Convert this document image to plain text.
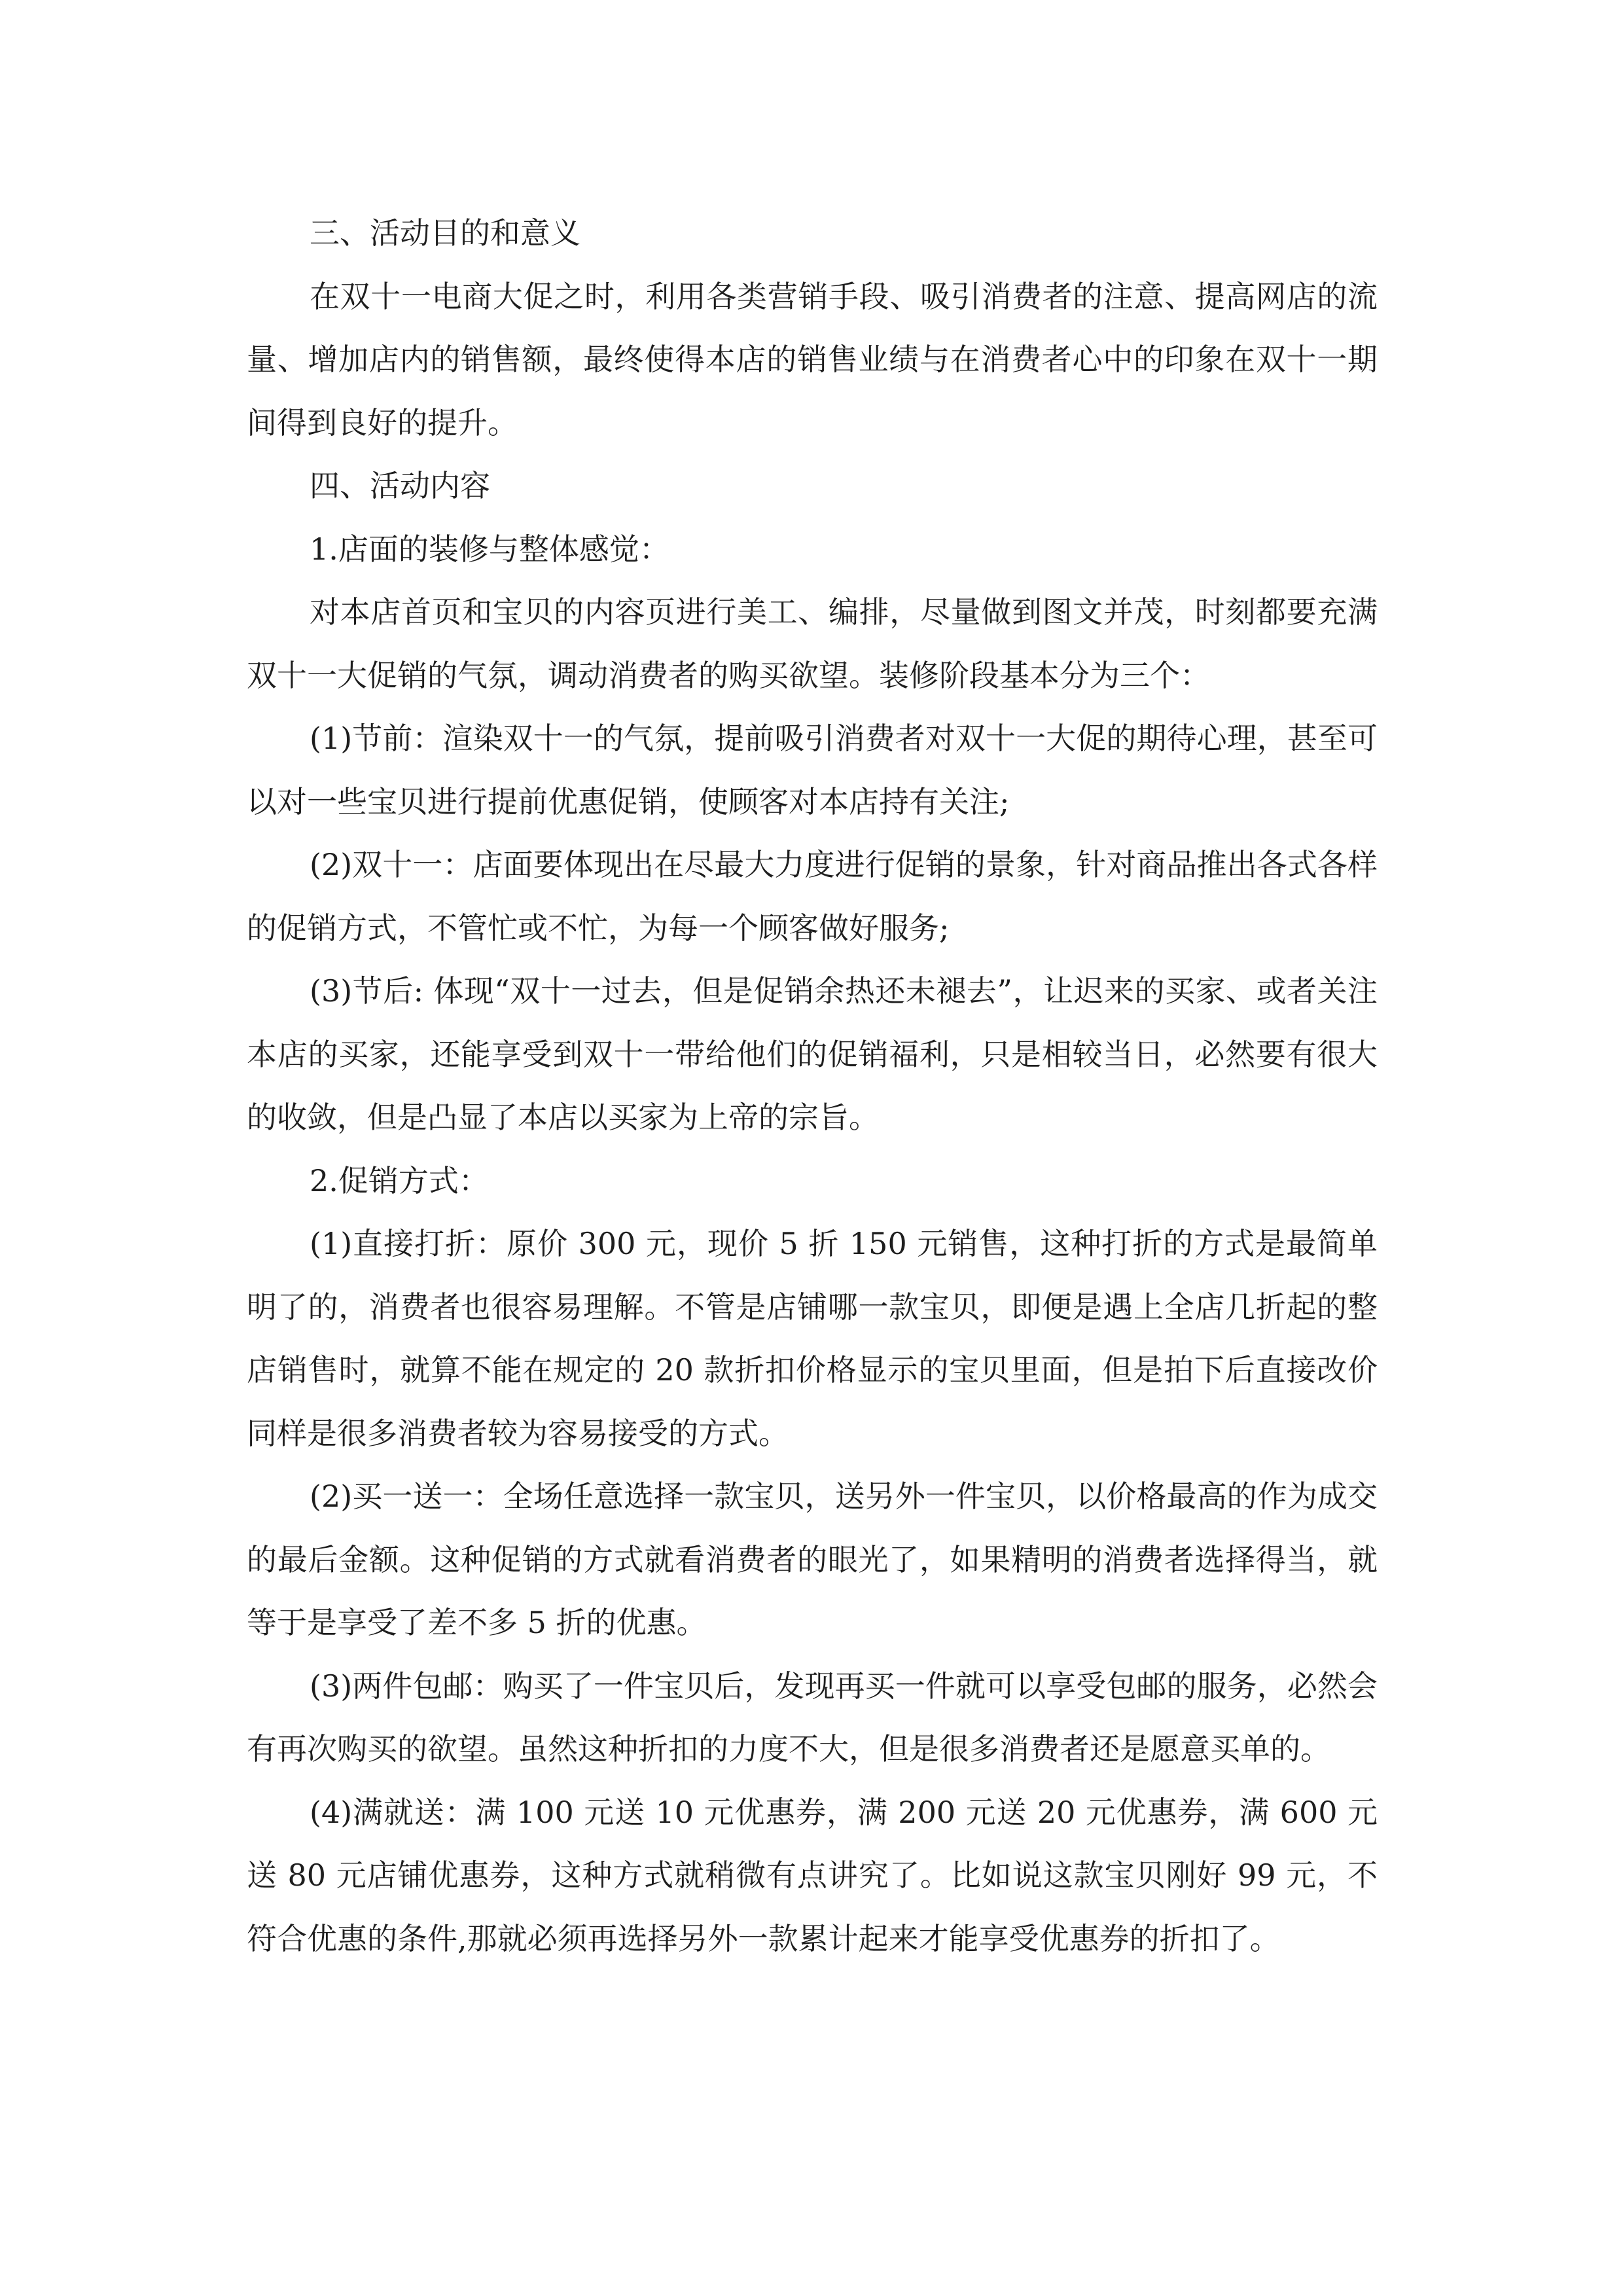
三、活动目的和意义

在双十一电商大促之时，利用各类营销手段、吸引消费者的注意、提高网店的流量、增加店内的销售额，最终使得本店的销售业绩与在消费者心中的印象在双十一期间得到良好的提升。

四、活动内容

1.店面的装修与整体感觉：

对本店首页和宝贝的内容页进行美工、编排，尽量做到图文并茂，时刻都要充满双十一大促销的气氛，调动消费者的购买欲望。装修阶段基本分为三个：

(1)节前：渲染双十一的气氛，提前吸引消费者对双十一大促的期待心理，甚至可以对一些宝贝进行提前优惠促销，使顾客对本店持有关注;

(2)双十一：店面要体现出在尽最大力度进行促销的景象，针对商品推出各式各样的促销方式，不管忙或不忙，为每一个顾客做好服务;

(3)节后: 体现“双十一过去，但是促销余热还未褪去”，让迟来的买家、或者关注本店的买家，还能享受到双十一带给他们的促销福利，只是相较当日，必然要有很大的收敛，但是凸显了本店以买家为上帝的宗旨。

2.促销方式：

(1)直接打折：原价 300 元，现价 5 折 150 元销售，这种打折的方式是最简单明了的，消费者也很容易理解。不管是店铺哪一款宝贝，即便是遇上全店几折起的整店销售时，就算不能在规定的 20 款折扣价格显示的宝贝里面，但是拍下后直接改价同样是很多消费者较为容易接受的方式。

(2)买一送一：全场任意选择一款宝贝，送另外一件宝贝，以价格最高的作为成交的最后金额。这种促销的方式就看消费者的眼光了，如果精明的消费者选择得当，就等于是享受了差不多 5 折的优惠。

(3)两件包邮：购买了一件宝贝后，发现再买一件就可以享受包邮的服务，必然会有再次购买的欲望。虽然这种折扣的力度不大，但是很多消费者还是愿意买单的。

(4)满就送：满 100 元送 10 元优惠券，满 200 元送 20 元优惠券，满 600 元送 80 元店铺优惠券，这种方式就稍微有点讲究了。比如说这款宝贝刚好 99 元，不符合优惠的条件,那就必须再选择另外一款累计起来才能享受优惠券的折扣了。
